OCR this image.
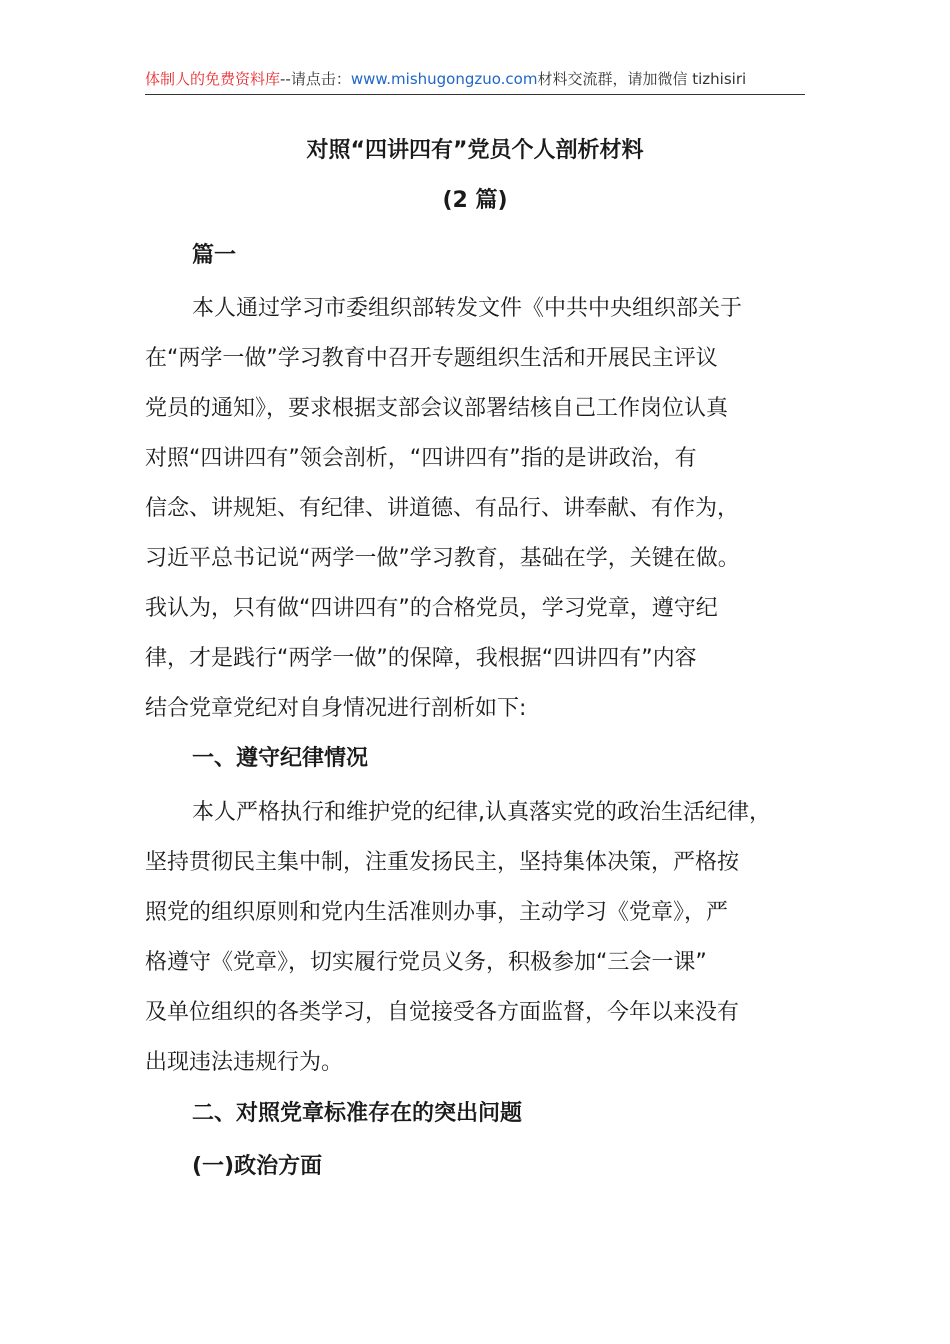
体制人的免费资料库--请点击：www.mishugongzuo.com材料交流群，请加微信 tizhisiri
对照“四讲四有”党员个人剖析材料
(2 篇)
篇一
本人通过学习市委组织部转发文件《中共中央组织部关于
在“两学一做”学习教育中召开专题组织生活和开展民主评议
党员的通知》，要求根据支部会议部署结核自己工作岗位认真
对照“四讲四有”领会剖析，“四讲四有”指的是讲政治，有
信念、讲规矩、有纪律、讲道德、有品行、讲奉献、有作为，
习近平总书记说“两学一做”学习教育，基础在学，关键在做。
我认为，只有做“四讲四有”的合格党员，学习党章，遵守纪
律，才是践行“两学一做”的保障，我根据“四讲四有”内容
结合党章党纪对自身情况进行剖析如下:
一、遵守纪律情况
本人严格执行和维护党的纪律,认真落实党的政治生活纪律，
坚持贯彻民主集中制，注重发扬民主，坚持集体决策，严格按
照党的组织原则和党内生活准则办事，主动学习《党章》，严
格遵守《党章》，切实履行党员义务，积极参加“三会一课”
及单位组织的各类学习，自觉接受各方面监督，今年以来没有
出现违法违规行为。
二、对照党章标准存在的突出问题
(一)政治方面
